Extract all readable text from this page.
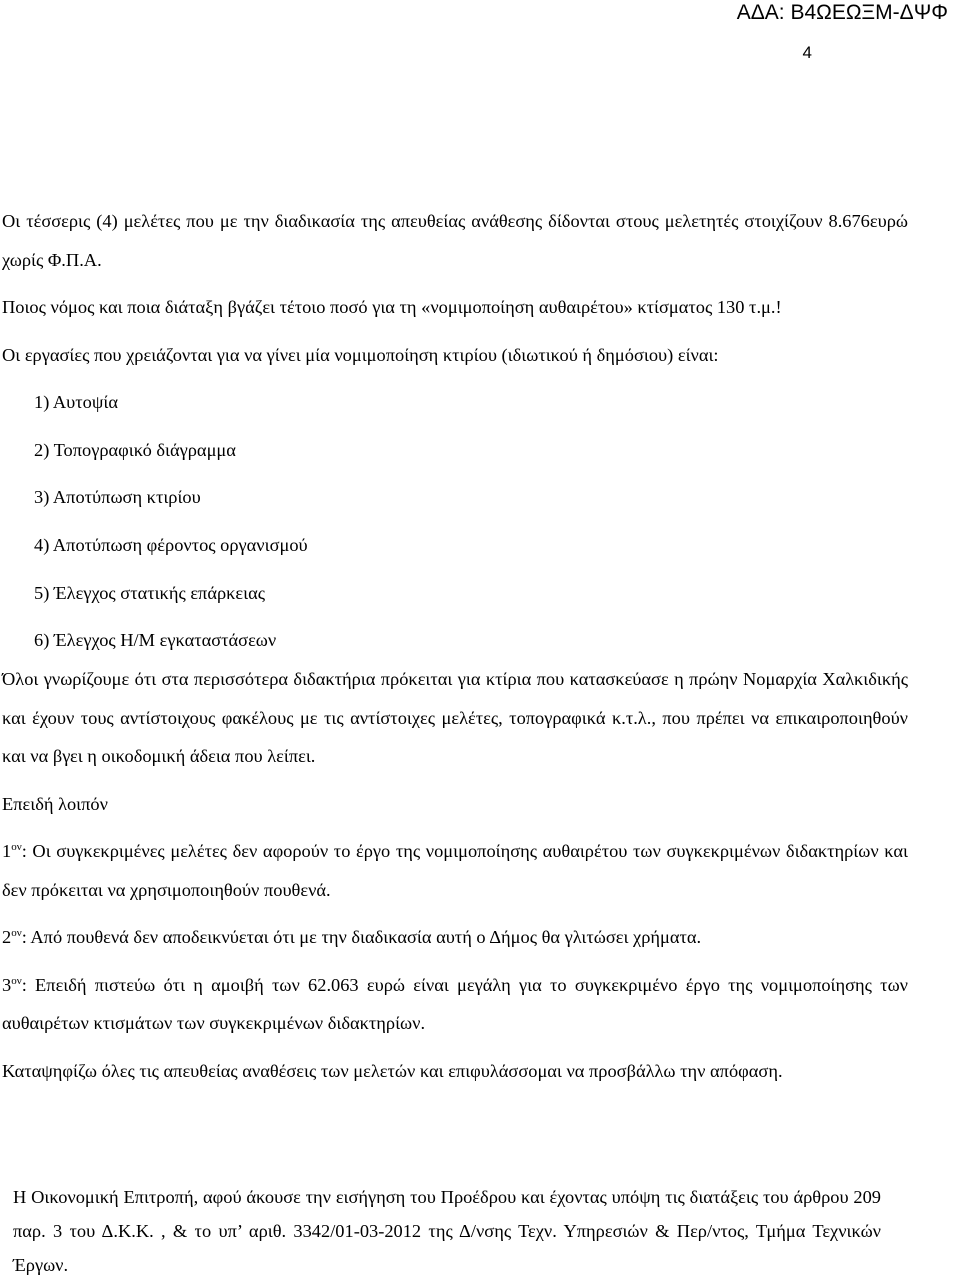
ΑΔΑ: Β4ΩΕΩΞΜ-ΔΨΦ
4

Οι τέσσερις (4) μελέτες που με την διαδικασία της απευθείας ανάθεσης δίδονται στους μελετητές στοιχίζουν 8.676ευρώ χωρίς Φ.Π.Α.

Ποιος νόμος και ποια διάταξη βγάζει τέτοιο ποσό για τη «νομιμοποίηση αυθαιρέτου» κτίσματος 130 τ.μ.!

Οι εργασίες που χρειάζονται για να γίνει μία νομιμοποίηση κτιρίου (ιδιωτικού ή δημόσιου) είναι:

1) Αυτοψία
2) Τοπογραφικό διάγραμμα
3) Αποτύπωση κτιρίου
4) Αποτύπωση φέροντος οργανισμού
5) Έλεγχος στατικής επάρκειας
6) Έλεγχος Η/Μ εγκαταστάσεων

Όλοι γνωρίζουμε ότι στα περισσότερα διδακτήρια πρόκειται για κτίρια που κατασκεύασε η πρώην Νομαρχία Χαλκιδικής και έχουν τους αντίστοιχους φακέλους με τις αντίστοιχες μελέτες, τοπογραφικά κ.τ.λ., που πρέπει να επικαιροποιηθούν και να βγει η οικοδομική άδεια που λείπει.

Επειδή λοιπόν

$1^{o\nu}$: Οι συγκεκριμένες μελέτες δεν αφορούν το έργο της νομιμοποίησης αυθαιρέτου των συγκεκριμένων διδακτηρίων και δεν πρόκειται να χρησιμοποιηθούν πουθενά.

$2^{o\nu}$: Από πουθενά δεν αποδεικνύεται ότι με την διαδικασία αυτή ο Δήμος θα γλιτώσει χρήματα.

$3^{o\nu}$: Επειδή πιστεύω ότι η αμοιβή των 62.063 ευρώ είναι μεγάλη για το συγκεκριμένο έργο της νομιμοποίησης των αυθαιρέτων κτισμάτων των συγκεκριμένων διδακτηρίων.

Καταψηφίζω όλες τις απευθείας αναθέσεις των μελετών και επιφυλάσσομαι να προσβάλλω την απόφαση.

Η Οικονομική Επιτροπή, αφού άκουσε την εισήγηση του Προέδρου και έχοντας υπόψη τις διατάξεις του άρθρου 209 παρ. 3 του Δ.Κ.Κ. , & το υπ’ αριθ. 3342/01-03-2012 της Δ/νσης Τεχν. Υπηρεσιών & Περ/ντος, Τμήμα Τεχνικών Έργων.
